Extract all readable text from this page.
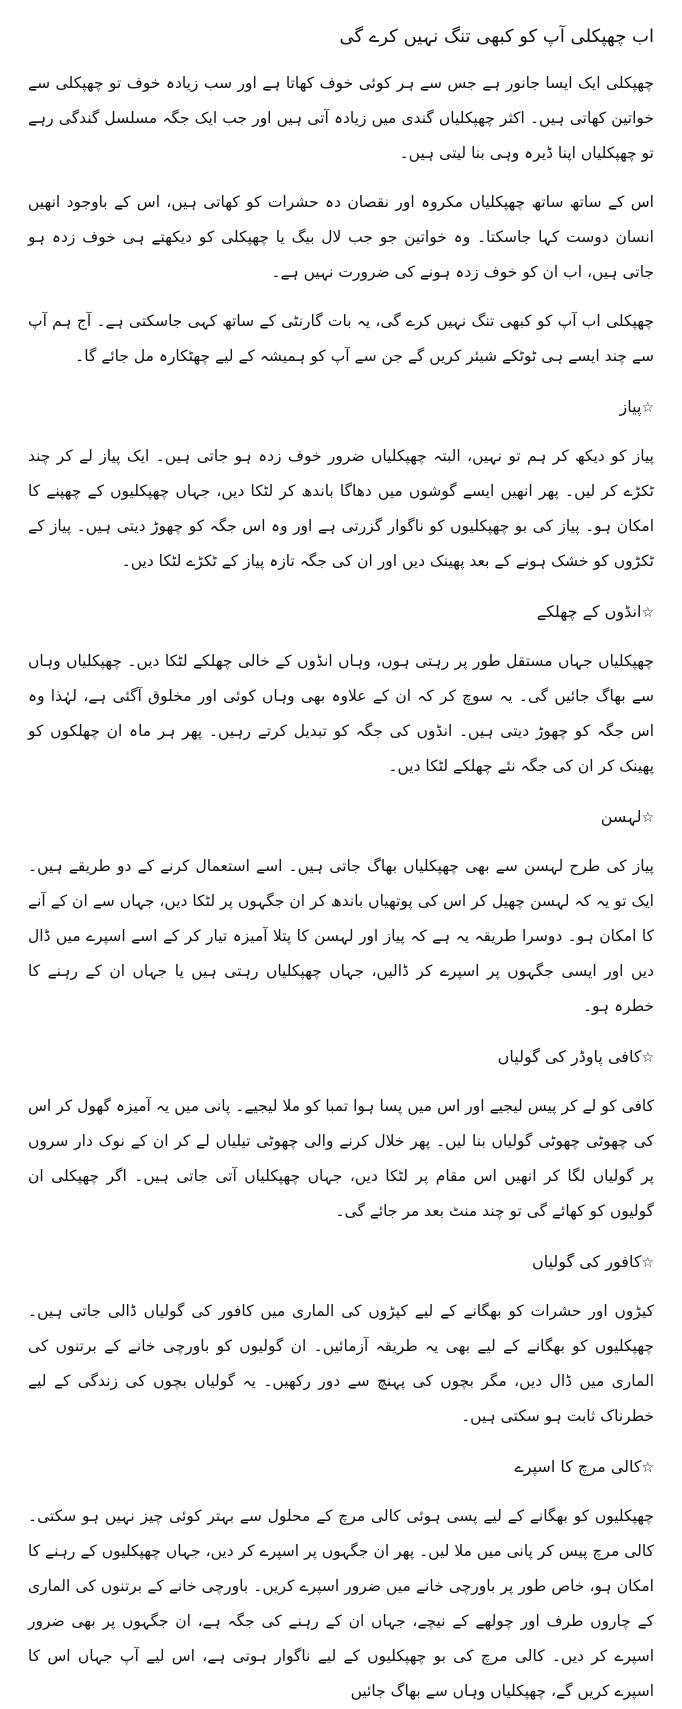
اب چھپکلی آپ کو کبھی تنگ نہیں کرے گی

چھپکلی ایک ایسا جانور ہے جس سے ہر کوئی خوف کھاتا ہے اور سب زیادہ خوف تو چھپکلی سے خواتین کھاتی ہیں۔ اکثر چھپکلیاں گندی میں زیادہ آتی ہیں اور جب ایک جگہ مسلسل گندگی رہے تو چھپکلیاں اپنا ڈیرہ وہی بنا لیتی ہیں۔

اس کے ساتھ ساتھ چھپکلیاں مکروہ اور نقصان دہ حشرات کو کھاتی ہیں، اس کے باوجود انھیں انسان دوست کہا جاسکتا۔ وہ خواتین جو جب لال بیگ یا چھپکلی کو دیکھتے ہی خوف زدہ ہو جاتی ہیں، اب ان کو خوف زدہ ہونے کی ضرورت نہیں ہے۔

چھپکلی اب آپ کو کبھی تنگ نہیں کرے گی، یہ بات گارنٹی کے ساتھ کہی جاسکتی ہے۔ آج ہم آپ سے چند ایسے ہی ٹوٹکے شیئر کریں گے جن سے آپ کو ہمیشہ کے لیے چھٹکارہ مل جائے گا۔

☆پیاز

پیاز کو دیکھ کر ہم تو نہیں، البتہ چھپکلیاں ضرور خوف زدہ ہو جاتی ہیں۔ ایک پیاز لے کر چند ٹکڑے کر لیں۔ پھر انھیں ایسے گوشوں میں دھاگا باندھ کر لٹکا دیں، جہاں چھپکلیوں کے چھپنے کا امکان ہو۔ پیاز کی بو چھپکلیوں کو ناگوار گزرتی ہے اور وہ اس جگہ کو چھوڑ دیتی ہیں۔ پیاز کے ٹکڑوں کو خشک ہونے کے بعد پھینک دیں اور ان کی جگہ تازہ پیاز کے ٹکڑے لٹکا دیں۔

☆انڈوں کے چھلکے

چھپکلیاں جہاں مستقل طور پر رہتی ہوں، وہاں انڈوں کے خالی چھلکے لٹکا دیں۔ چھپکلیاں وہاں سے بھاگ جائیں گی۔ یہ سوچ کر کہ ان کے علاوہ بھی وہاں کوئی اور مخلوق آگئی ہے، لہٰذا وہ اس جگہ کو چھوڑ دیتی ہیں۔ انڈوں کی جگہ کو تبدیل کرتے رہیں۔ پھر ہر ماہ ان چھلکوں کو پھینک کر ان کی جگہ نئے چھلکے لٹکا دیں۔

☆لہسن

پیاز کی طرح لہسن سے بھی چھپکلیاں بھاگ جاتی ہیں۔ اسے استعمال کرنے کے دو طریقے ہیں۔ ایک تو یہ کہ لہسن چھیل کر اس کی پوتھیاں باندھ کر ان جگہوں پر لٹکا دیں، جہاں سے ان کے آنے کا امکان ہو۔ دوسرا طریقہ یہ ہے کہ پیاز اور لہسن کا پتلا آمیزہ تیار کر کے اسے اسپرے میں ڈال دیں اور ایسی جگہوں پر اسپرے کر ڈالیں، جہاں چھپکلیاں رہتی ہیں یا جہاں ان کے رہنے کا خطرہ ہو۔

☆کافی پاوڈر کی گولیاں

کافی کو لے کر پیس لیجیے اور اس میں پسا ہوا تمبا کو ملا لیجیے۔ پانی میں یہ آمیزہ گھول کر اس کی چھوٹی چھوٹی گولیاں بنا لیں۔ پھر خلال کرنے والی چھوٹی تیلیاں لے کر ان کے نوک دار سروں پر گولیاں لگا کر انھیں اس مقام پر لٹکا دیں، جہاں چھپکلیاں آتی جاتی ہیں۔ اگر چھپکلی ان گولیوں کو کھائے گی تو چند منٹ بعد مر جائے گی۔

☆کافور کی گولیاں

کیڑوں اور حشرات کو بھگانے کے لیے کپڑوں کی الماری میں کافور کی گولیاں ڈالی جاتی ہیں۔ چھپکلیوں کو بھگانے کے لیے بھی یہ طریقہ آزمائیں۔ ان گولیوں کو باورچی خانے کے برتنوں کی الماری میں ڈال دیں، مگر بچوں کی پہنچ سے دور رکھیں۔ یہ گولیاں بچوں کی زندگی کے لیے خطرناک ثابت ہو سکتی ہیں۔

☆کالی مرچ کا اسپرے

چھپکلیوں کو بھگانے کے لیے پسی ہوئی کالی مرچ کے محلول سے بہتر کوئی چیز نہیں ہو سکتی۔ کالی مرچ پیس کر پانی میں ملا لیں۔ پھر ان جگہوں پر اسپرے کر دیں، جہاں چھپکلیوں کے رہنے کا امکان ہو، خاص طور پر باورچی خانے میں ضرور اسپرے کریں۔ باورچی خانے کے برتنوں کی الماری کے چاروں طرف اور چولھے کے نیچے، جہاں ان کے رہنے کی جگہ ہے، ان جگہوں پر بھی ضرور اسپرے کر دیں۔ کالی مرچ کی بو چھپکلیوں کے لیے ناگوار ہوتی ہے، اس لیے آپ جہاں اس کا اسپرے کریں گے، چھپکلیاں وہاں سے بھاگ جائیں
